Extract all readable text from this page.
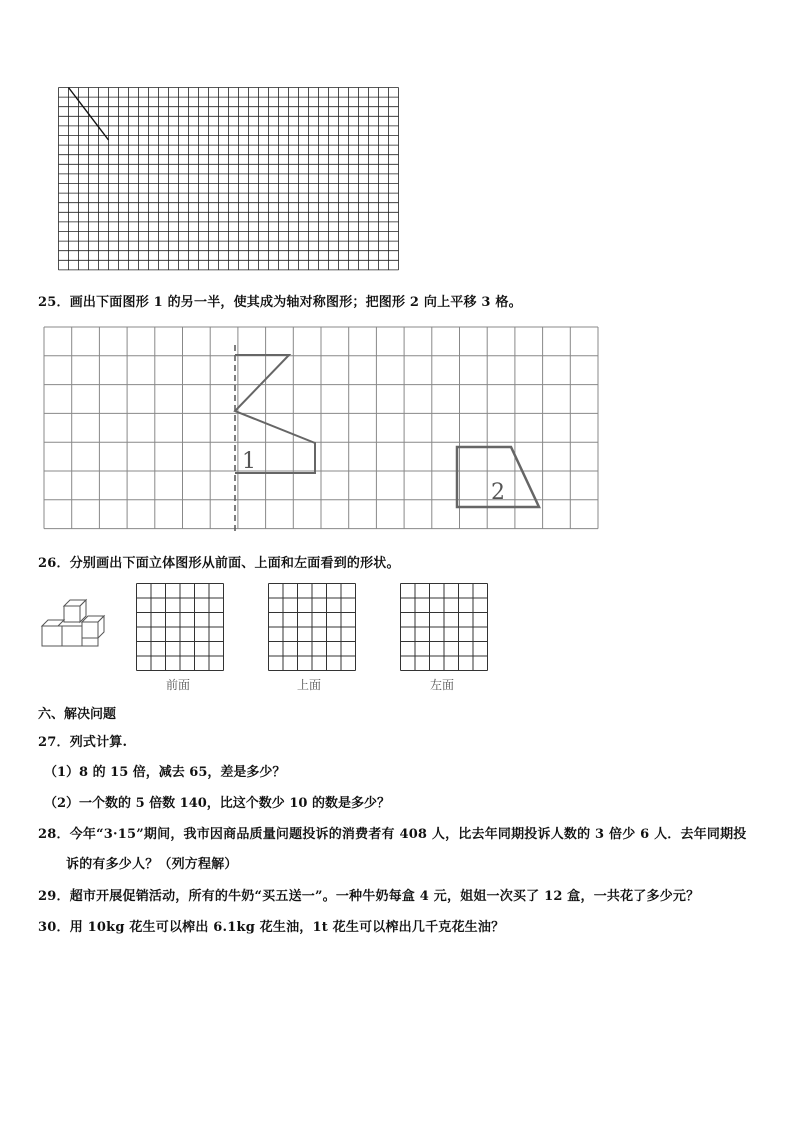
25．画出下面图形 1 的另一半，使其成为轴对称图形；把图形 2 向上平移 3 格。
1
2
26．分别画出下面立体图形从前面、上面和左面看到的形状。
前面	上面	左面
六、解决问题
27．列式计算.
（1）8 的 15 倍，减去 65，差是多少？
（2）一个数的 5 倍数 140，比这个数少 10 的数是多少？
28．今年“3·15”期间，我市因商品质量问题投诉的消费者有 408 人，比去年同期投诉人数的 3 倍少 6 人．去年同期投
诉的有多少人？（列方程解）
29．超市开展促销活动，所有的牛奶“买五送一”。一种牛奶每盒 4 元，姐姐一次买了 12 盒，一共花了多少元？
30．用 10kg 花生可以榨出 6.1kg 花生油，1t 花生可以榨出几千克花生油？
